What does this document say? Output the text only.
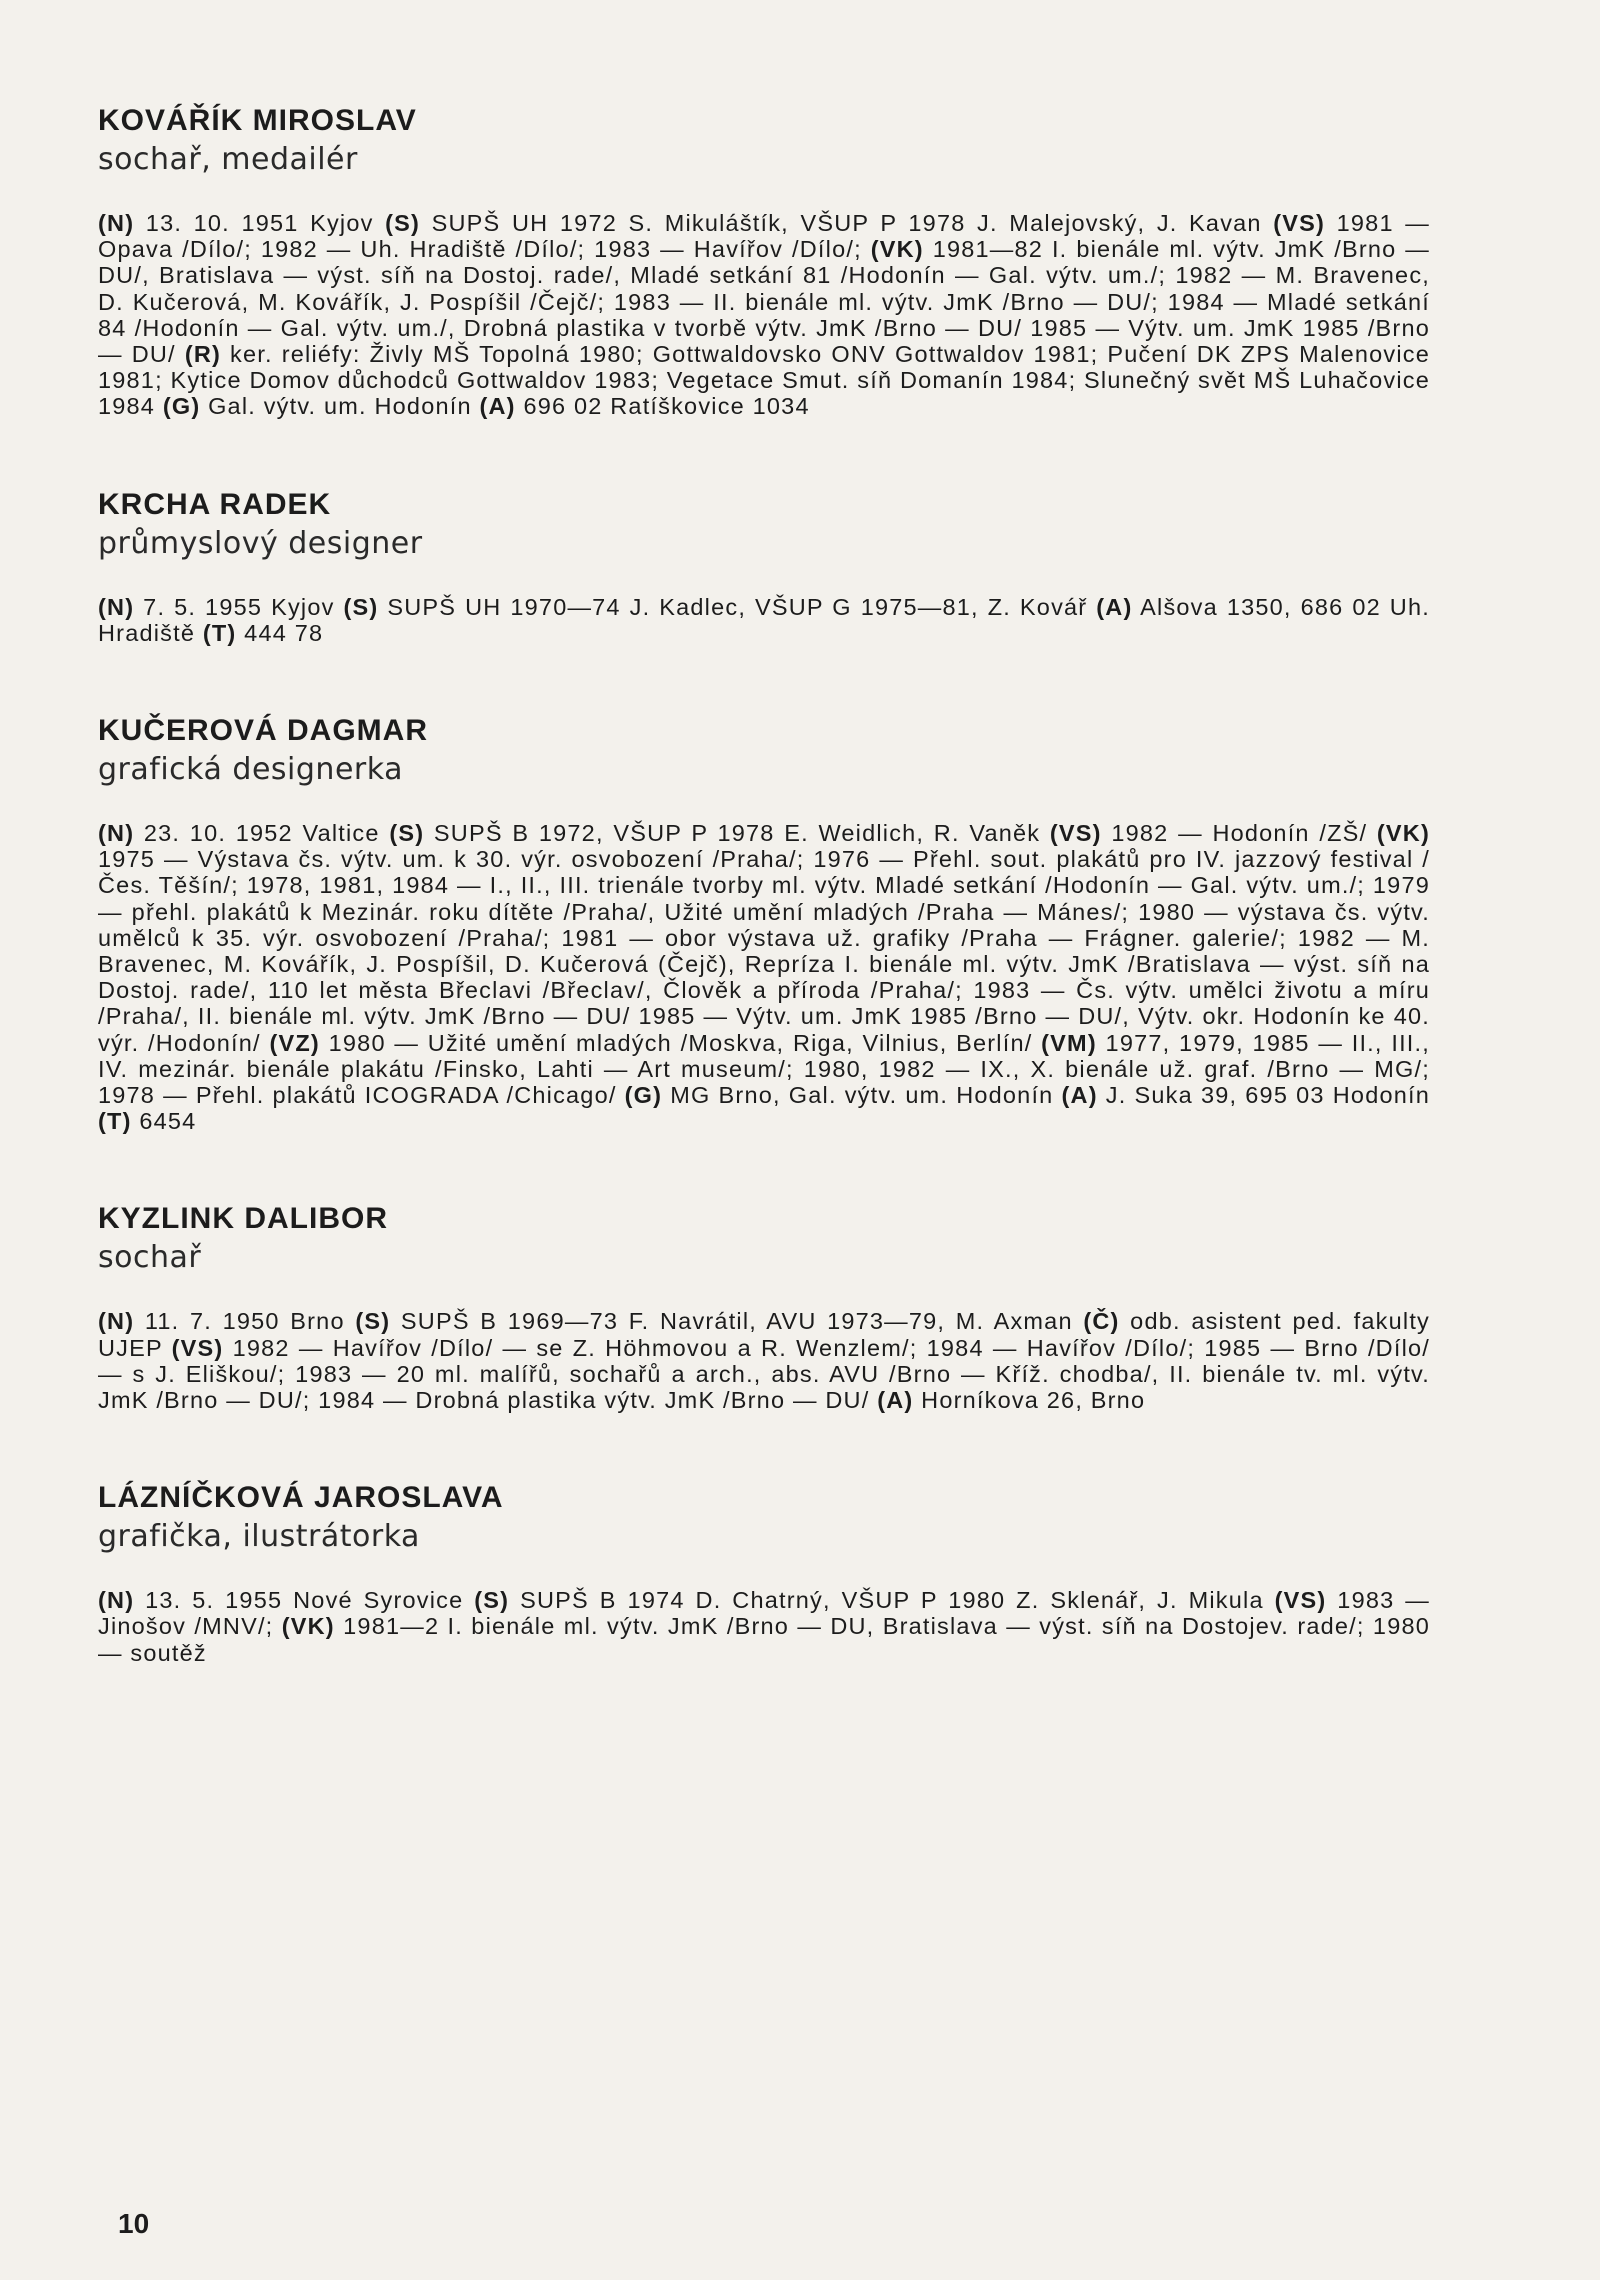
KOVÁŘÍK MIROSLAV

sochař, medailér

(N) 13. 10. 1951 Kyjov (S) SUPŠ UH 1972 S. Mikuláštík, VŠUP P 1978 J. Malejovský, J. Kavan (VS) 1981 — Opava /Dílo/; 1982 — Uh. Hradiště /Dílo/; 1983 — Havířov /Dílo/; (VK) 1981—82 I. bienále ml. výtv. JmK /Brno — DU/, Bratislava — výst. síň na Dostoj. rade/, Mladé setkání 81 /Hodonín — Gal. výtv. um./; 1982 — M. Bravenec, D. Kučerová, M. Kovářík, J. Pospíšil /Čejč/; 1983 — II. bienále ml. výtv. JmK /Brno — DU/; 1984 — Mladé setkání 84 /Hodonín — Gal. výtv. um./, Drobná plastika v tvorbě výtv. JmK /Brno — DU/ 1985 — Výtv. um. JmK 1985 /Brno — DU/ (R) ker. reliéfy: Živly MŠ Topolná 1980; Gottwaldovsko ONV Gottwaldov 1981; Pučení DK ZPS Malenovice 1981; Kytice Domov důchodců Gottwaldov 1983; Vegetace Smut. síň Domanín 1984; Slunečný svět MŠ Luhačovice 1984 (G) Gal. výtv. um. Hodonín (A) 696 02 Ratíškovice 1034

KRCHA RADEK

průmyslový designer

(N) 7. 5. 1955 Kyjov (S) SUPŠ UH 1970—74 J. Kadlec, VŠUP G 1975—81, Z. Kovář (A) Alšova 1350, 686 02 Uh. Hradiště (T) 444 78

KUČEROVÁ DAGMAR

grafická designerka

(N) 23. 10. 1952 Valtice (S) SUPŠ B 1972, VŠUP P 1978 E. Weidlich, R. Vaněk (VS) 1982 — Hodonín /ZŠ/ (VK) 1975 — Výstava čs. výtv. um. k 30. výr. osvobození /Praha/; 1976 — Přehl. sout. plakátů pro IV. jazzový festival /Čes. Těšín/; 1978, 1981, 1984 — I., II., III. trienále tvorby ml. výtv. Mladé setkání /Hodonín — Gal. výtv. um./; 1979 — přehl. plakátů k Mezinár. roku dítěte /Praha/, Užité umění mladých /Praha — Mánes/; 1980 — výstava čs. výtv. umělců k 35. výr. osvobození /Praha/; 1981 — obor výstava už. grafiky /Praha — Frágner. galerie/; 1982 — M. Bravenec, M. Kovářík, J. Pospíšil, D. Kučerová (Čejč), Repríza I. bienále ml. výtv. JmK /Bratislava — výst. síň na Dostoj. rade/, 110 let města Břeclavi /Břeclav/, Člověk a příroda /Praha/; 1983 — Čs. výtv. umělci životu a míru /Praha/, II. bienále ml. výtv. JmK /Brno — DU/ 1985 — Výtv. um. JmK 1985 /Brno — DU/, Výtv. okr. Hodonín ke 40. výr. /Hodonín/ (VZ) 1980 — Užité umění mladých /Moskva, Riga, Vilnius, Berlín/ (VM) 1977, 1979, 1985 — II., III., IV. mezinár. bienále plakátu /Finsko, Lahti — Art museum/; 1980, 1982 — IX., X. bienále už. graf. /Brno — MG/; 1978 — Přehl. plakátů ICOGRADA /Chicago/ (G) MG Brno, Gal. výtv. um. Hodonín (A) J. Suka 39, 695 03 Hodonín (T) 6454

KYZLINK DALIBOR

sochař

(N) 11. 7. 1950 Brno (S) SUPŠ B 1969—73 F. Navrátil, AVU 1973—79, M. Axman (Č) odb. asistent ped. fakulty UJEP (VS) 1982 — Havířov /Dílo/ — se Z. Höhmovou a R. Wenzlem/; 1984 — Havířov /Dílo/; 1985 — Brno /Dílo/ — s J. Eliškou/; 1983 — 20 ml. malířů, sochařů a arch., abs. AVU /Brno — Kříž. chodba/, II. bienále tv. ml. výtv. JmK /Brno — DU/; 1984 — Drobná plastika výtv. JmK /Brno — DU/ (A) Horníkova 26, Brno

LÁZNÍČKOVÁ JAROSLAVA

grafička, ilustrátorka

(N) 13. 5. 1955 Nové Syrovice (S) SUPŠ B 1974 D. Chatrný, VŠUP P 1980 Z. Sklenář, J. Mikula (VS) 1983 — Jinošov /MNV/; (VK) 1981—2 I. bienále ml. výtv. JmK /Brno — DU, Bratislava — výst. síň na Dostojev. rade/; 1980 — soutěž

10
